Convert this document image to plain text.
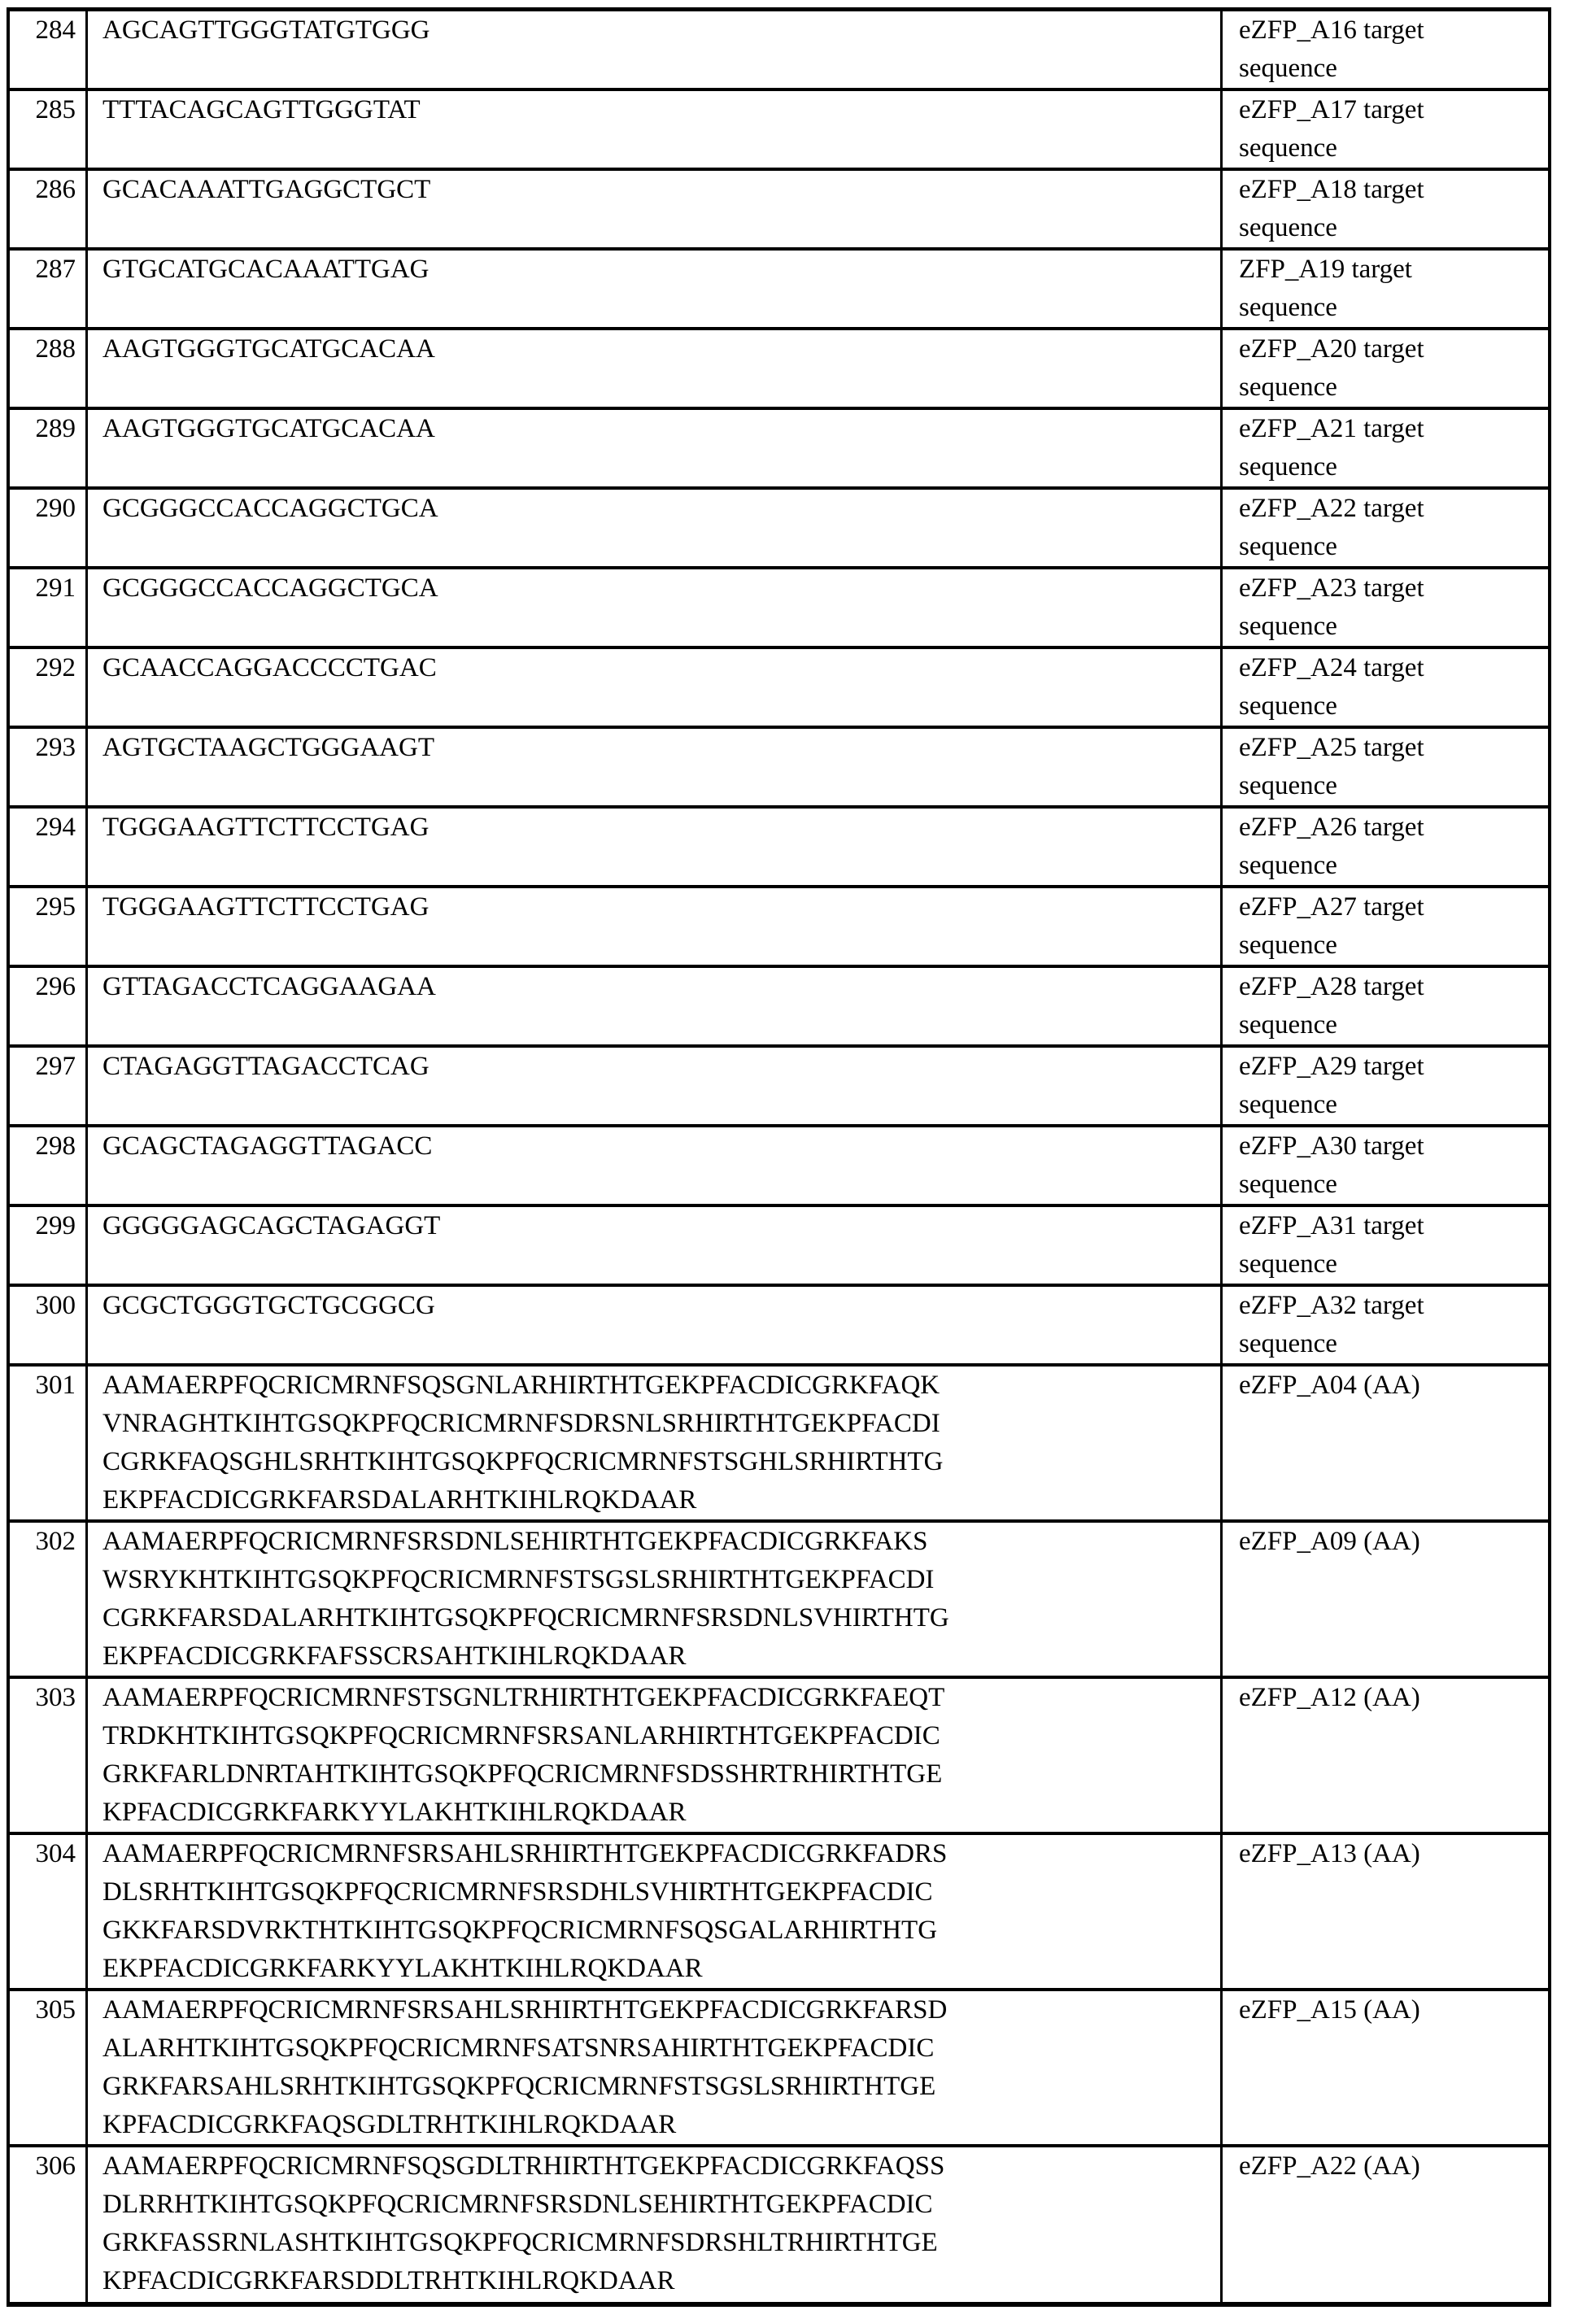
284	AGCAGTTGGGTATGTGGG	eZFP_A16 target
sequence
285	TTTACAGCAGTTGGGTAT	eZFP_A17 target
sequence
286	GCACAAATTGAGGCTGCT	eZFP_A18 target
sequence
287	GTGCATGCACAAATTGAG	ZFP_A19 target
sequence
288	AAGTGGGTGCATGCACAA	eZFP_A20 target
sequence
289	AAGTGGGTGCATGCACAA	eZFP_A21 target
sequence
290	GCGGGCCACCAGGCTGCA	eZFP_A22 target
sequence
291	GCGGGCCACCAGGCTGCA	eZFP_A23 target
sequence
292	GCAACCAGGACCCCTGAC	eZFP_A24 target
sequence
293	AGTGCTAAGCTGGGAAGT	eZFP_A25 target
sequence
294	TGGGAAGTTCTTCCTGAG	eZFP_A26 target
sequence
295	TGGGAAGTTCTTCCTGAG	eZFP_A27 target
sequence
296	GTTAGACCTCAGGAAGAA	eZFP_A28 target
sequence
297	CTAGAGGTTAGACCTCAG	eZFP_A29 target
sequence
298	GCAGCTAGAGGTTAGACC	eZFP_A30 target
sequence
299	GGGGGAGCAGCTAGAGGT	eZFP_A31 target
sequence
300	GCGCTGGGTGCTGCGGCG	eZFP_A32 target
sequence
301	AAMAERPFQCRICMRNFSQSGNLARHIRTHTGEKPFACDICGRKFAQK
VNRAGHTKIHTGSQKPFQCRICMRNFSDRSNLSRHIRTHTGEKPFACDI
CGRKFAQSGHLSRHTKIHTGSQKPFQCRICMRNFSTSGHLSRHIRTHTG
EKPFACDICGRKFARSDALARHTKIHLRQKDAAR
eZFP_A04 (AA)
302	AAMAERPFQCRICMRNFSRSDNLSEHIRTHTGEKPFACDICGRKFAKS
WSRYKHTKIHTGSQKPFQCRICMRNFSTSGSLSRHIRTHTGEKPFACDI
CGRKFARSDALARHTKIHTGSQKPFQCRICMRNFSRSDNLSVHIRTHTG
EKPFACDICGRKFAFSSCRSAHTKIHLRQKDAAR
eZFP_A09 (AA)
303	AAMAERPFQCRICMRNFSTSGNLTRHIRTHTGEKPFACDICGRKFAEQT
TRDKHTKIHTGSQKPFQCRICMRNFSRSANLARHIRTHTGEKPFACDIC
GRKFARLDNRTAHTKIHTGSQKPFQCRICMRNFSDSSHRTRHIRTHTGE
KPFACDICGRKFARKYYLAKHTKIHLRQKDAAR
eZFP_A12 (AA)
304	AAMAERPFQCRICMRNFSRSAHLSRHIRTHTGEKPFACDICGRKFADRS
DLSRHTKIHTGSQKPFQCRICMRNFSRSDHLSVHIRTHTGEKPFACDIC
GKKFARSDVRKTHTKIHTGSQKPFQCRICMRNFSQSGALARHIRTHTG
EKPFACDICGRKFARKYYLAKHTKIHLRQKDAAR
eZFP_A13 (AA)
305	AAMAERPFQCRICMRNFSRSAHLSRHIRTHTGEKPFACDICGRKFARSD
ALARHTKIHTGSQKPFQCRICMRNFSATSNRSAHIRTHTGEKPFACDIC
GRKFARSAHLSRHTKIHTGSQKPFQCRICMRNFSTSGSLSRHIRTHTGE
KPFACDICGRKFAQSGDLTRHTKIHLRQKDAAR
eZFP_A15 (AA)
306	AAMAERPFQCRICMRNFSQSGDLTRHIRTHTGEKPFACDICGRKFAQSS
DLRRHTKIHTGSQKPFQCRICMRNFSRSDNLSEHIRTHTGEKPFACDIC
GRKFASSRNLASHTKIHTGSQKPFQCRICMRNFSDRSHLTRHIRTHTGE
KPFACDICGRKFARSDDLTRHTKIHLRQKDAAR
eZFP_A22 (AA)
